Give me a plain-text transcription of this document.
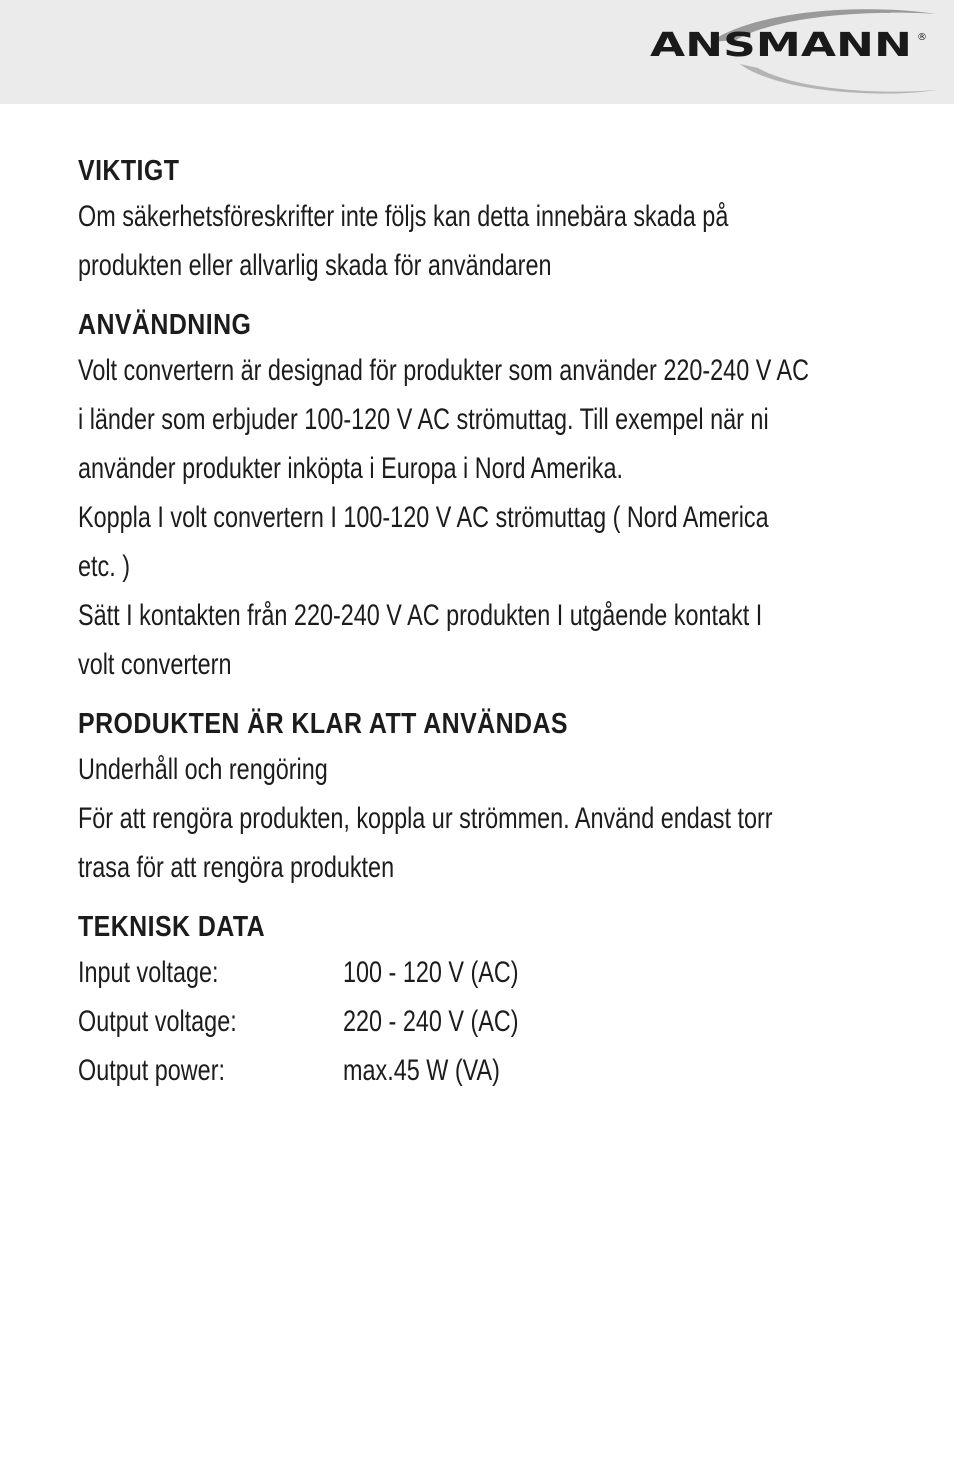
ANSMANN ®
VIKTIGT
Om säkerhetsföreskrifter inte följs kan detta innebära skada på
produkten eller allvarlig skada för användaren
ANVÄNDNING
Volt convertern är designad för produkter som använder 220-240 V AC
i länder som erbjuder 100-120 V AC strömuttag. Till exempel när ni
använder produkter inköpta i Europa i Nord Amerika.
Koppla I volt convertern I 100-120 V AC strömuttag ( Nord America
etc. )
Sätt I kontakten från 220-240 V AC produkten I utgående kontakt I
volt convertern
PRODUKTEN ÄR KLAR ATT ANVÄNDAS
Underhåll och rengöring
För att rengöra produkten, koppla ur strömmen. Använd endast torr
trasa för att rengöra produkten
TEKNISK DATA
Input voltage:	100 - 120 V (AC)
Output voltage:	220 - 240 V (AC)
Output power:	max.45 W (VA)
